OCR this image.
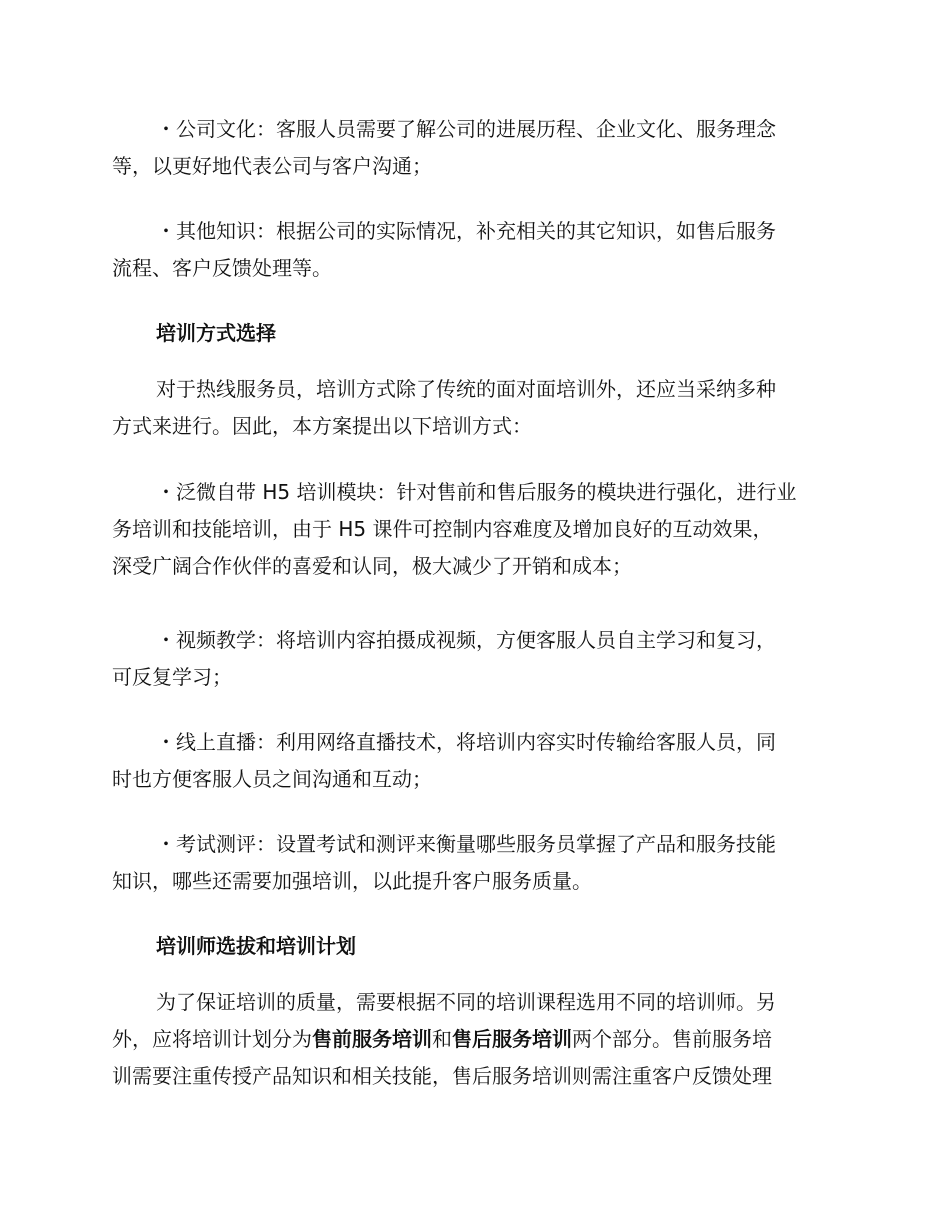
・公司文化：客服人员需要了解公司的进展历程、企业文化、服务理念
等，以更好地代表公司与客户沟通；

・其他知识：根据公司的实际情况，补充相关的其它知识，如售后服务
流程、客户反馈处理等。

培训方式选择

对于热线服务员，培训方式除了传统的面对面培训外，还应当采纳多种
方式来进行。因此，本方案提出以下培训方式：

・泛微自带 H5 培训模块：针对售前和售后服务的模块进行强化，进行业
务培训和技能培训，由于 H5 课件可控制内容难度及增加良好的互动效果，
深受广阔合作伙伴的喜爱和认同，极大减少了开销和成本；

・视频教学：将培训内容拍摄成视频，方便客服人员自主学习和复习，
可反复学习；

・线上直播：利用网络直播技术，将培训内容实时传输给客服人员，同
时也方便客服人员之间沟通和互动；

・考试测评：设置考试和测评来衡量哪些服务员掌握了产品和服务技能
知识，哪些还需要加强培训，以此提升客户服务质量。

培训师选拔和培训计划

为了保证培训的质量，需要根据不同的培训课程选用不同的培训师。另
外，应将培训计划分为售前服务培训和售后服务培训两个部分。售前服务培
训需要注重传授产品知识和相关技能，售后服务培训则需注重客户反馈处理
